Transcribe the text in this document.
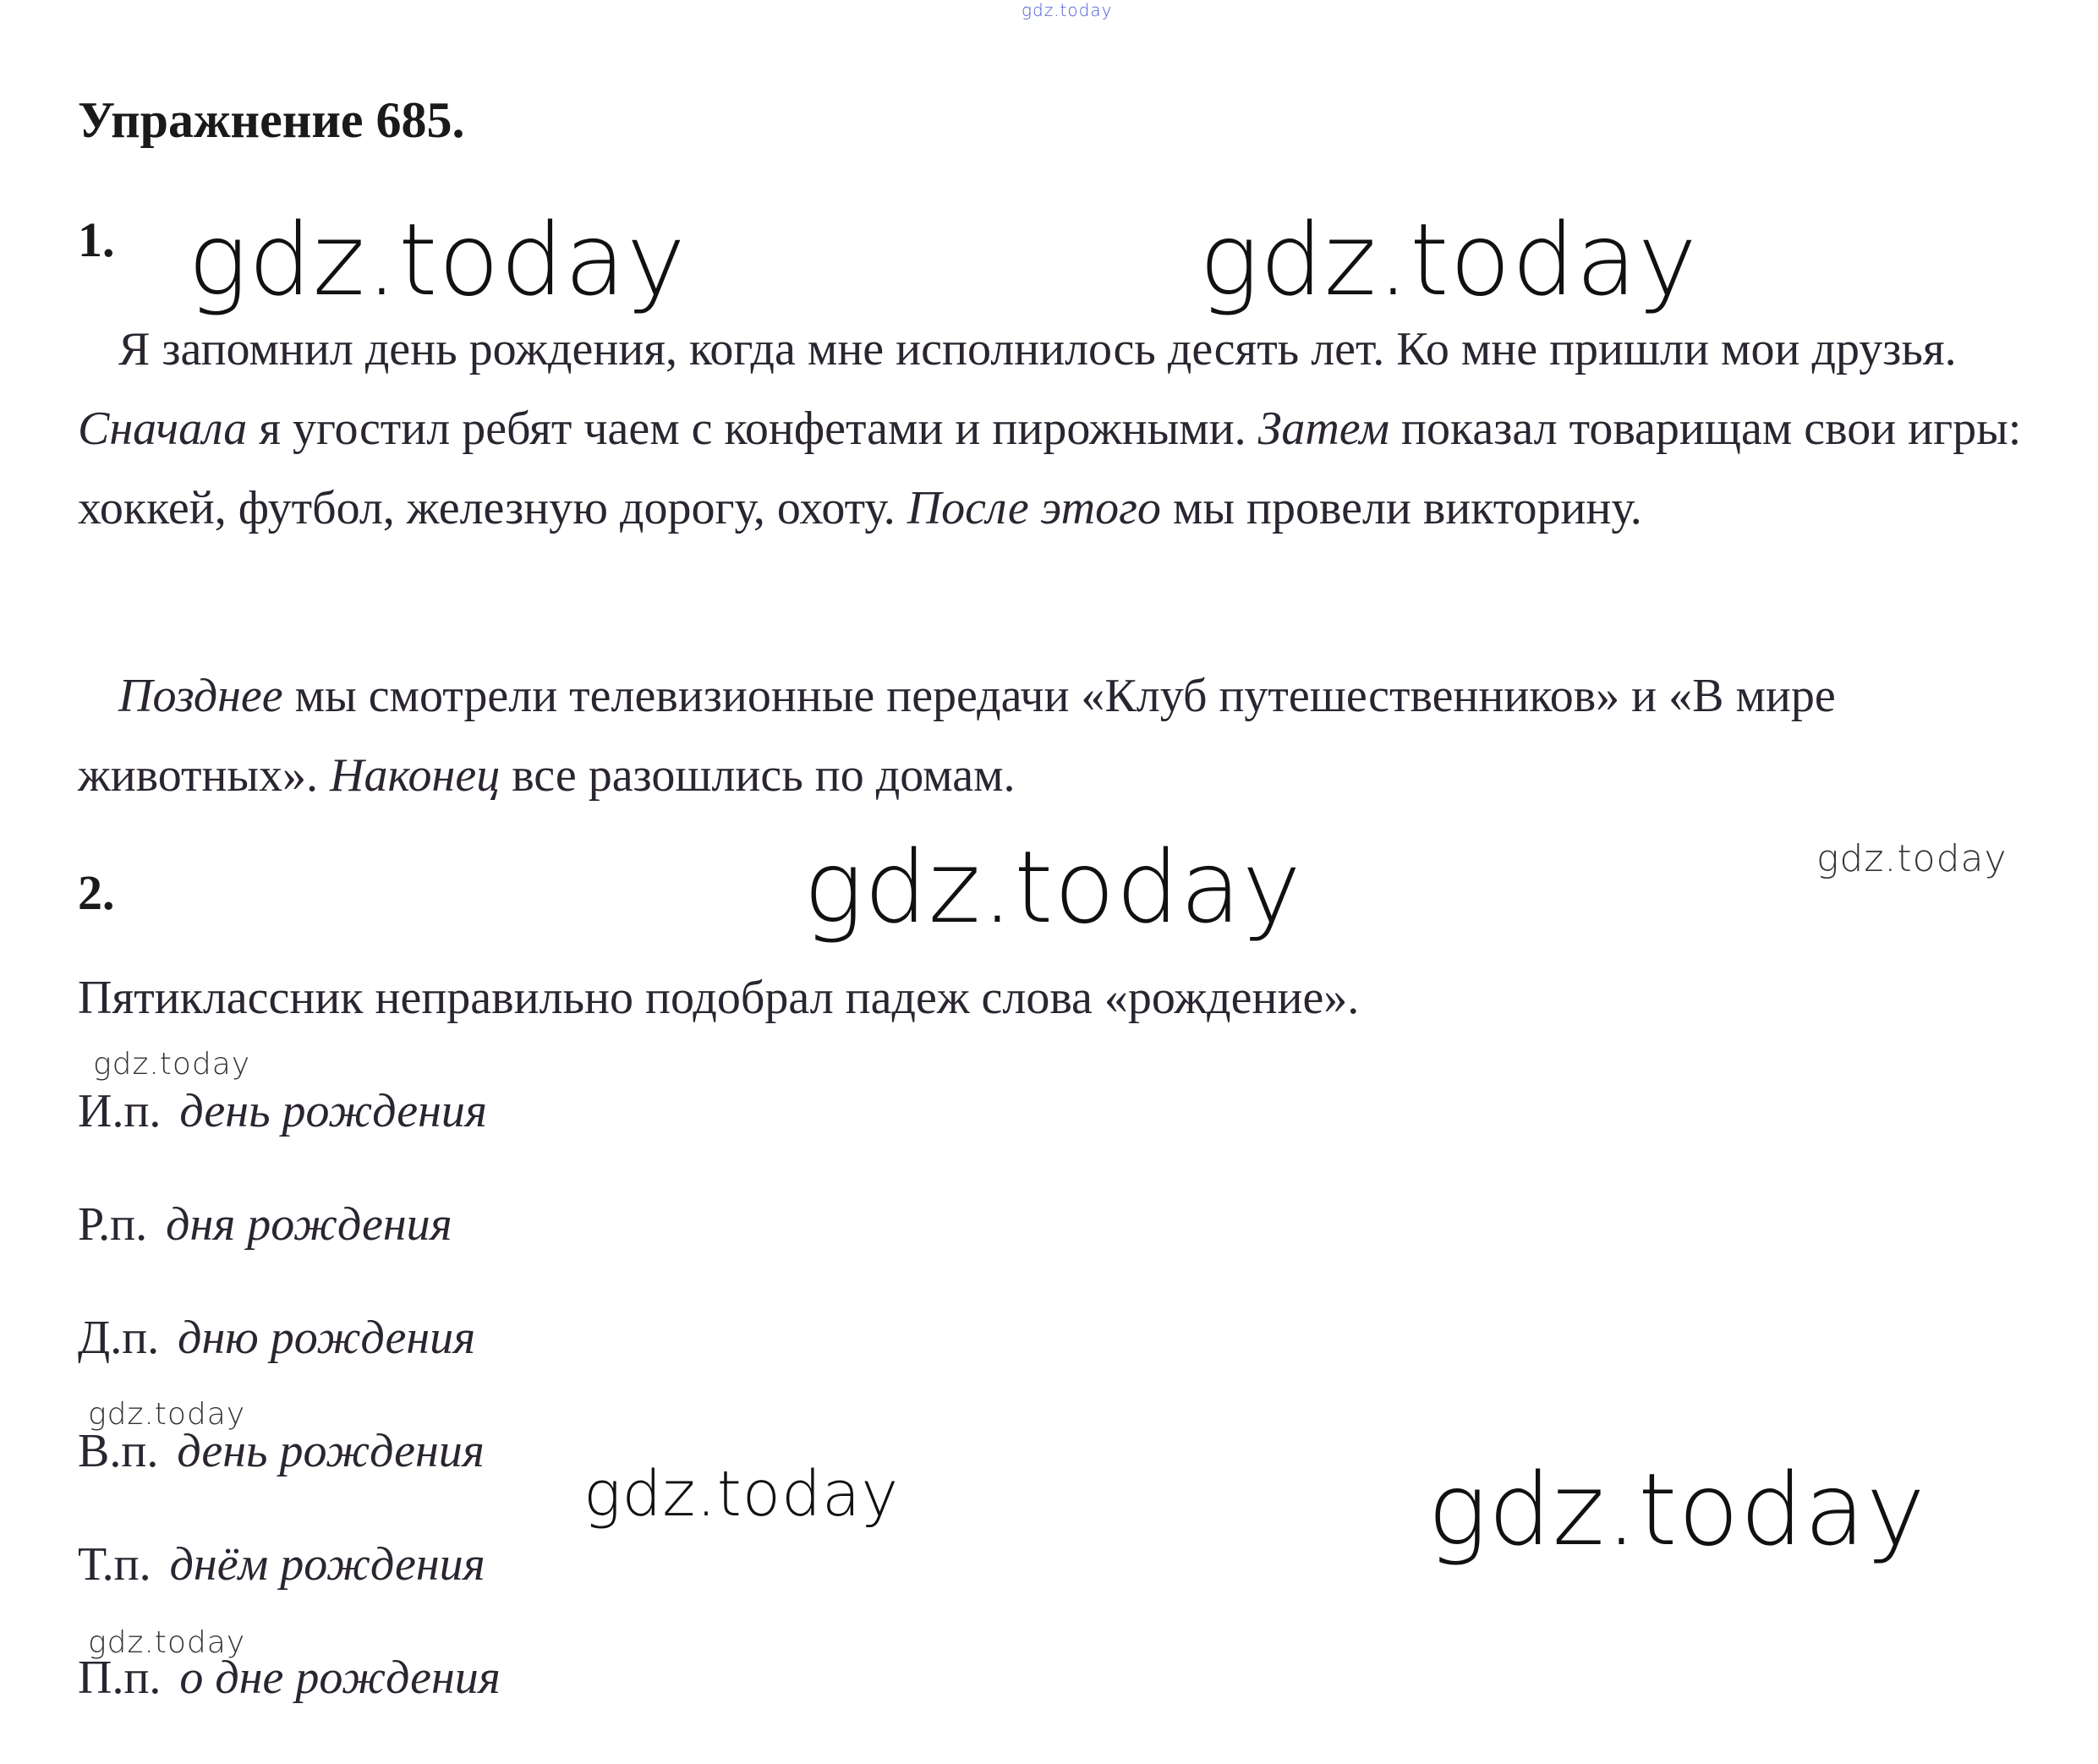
gdz.today
Упражнение 685.
1. gdz.today	gdz.today
Я запомнил день рождения, когда мне исполнилось десять лет. Ко мне пришли мои друзья. Сначала я угостил ребят чаем с конфетами и пирожными. Затем показал товарищам свои игры: хоккей, футбол, железную дорогу, охоту. После этого мы провели викторину.
Позднее мы смотрели телевизионные передачи «Клуб путешественников» и «В мире животных». Наконец все разошлись по домам.
2.	gdz.today	gdz.today
Пятиклассник неправильно подобрал падеж слова «рождение».
gdz.today
И.п. день рождения
Р.п. дня рождения
Д.п. дню рождения
gdz.today
В.п. день рождения
gdz.today	gdz.today
Т.п. днём рождения
gdz.today
П.п. о дне рождения
